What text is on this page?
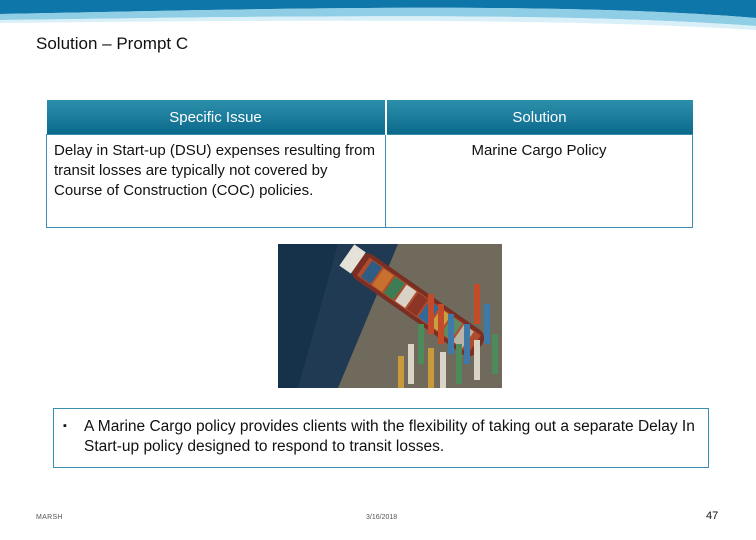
Solution – Prompt C
Specific Issue	Solution
Delay in Start-up (DSU) expenses resulting from transit losses are typically not covered by Course of Construction (COC) policies.	Marine Cargo Policy
▪ A Marine Cargo policy provides clients with the flexibility of taking out a separate Delay In Start-up policy designed to respond to transit losses.
MARSH	3/16/2018	47
